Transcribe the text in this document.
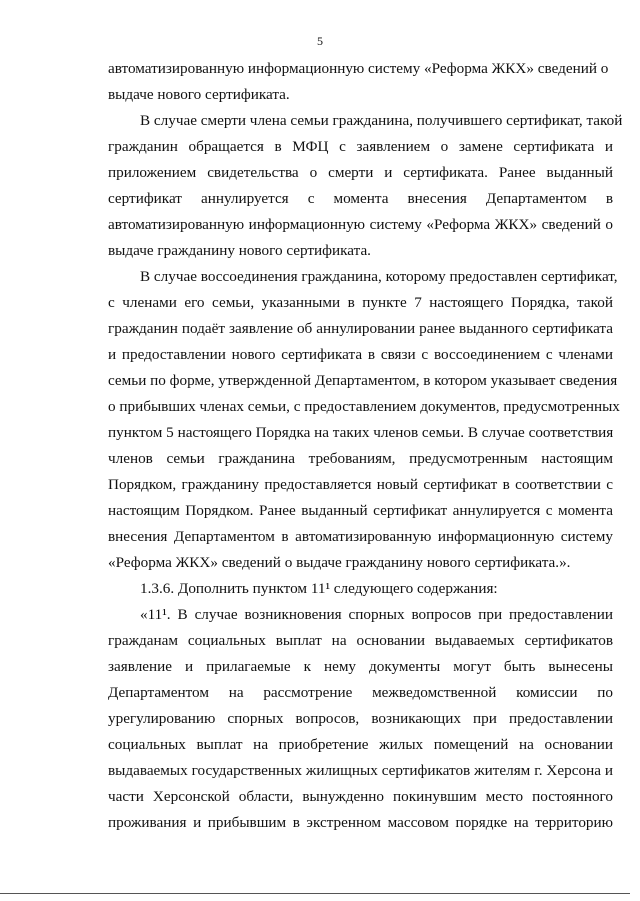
5
автоматизированную информационную систему «Реформа ЖКХ» сведений о
выдаче нового сертификата.
В случае смерти члена семьи гражданина, получившего сертификат, такой
гражданин обращается в МФЦ с заявлением о замене сертификата и
приложением свидетельства о смерти и сертификата. Ранее выданный
сертификат аннулируется с момента внесения Департаментом в
автоматизированную информационную систему «Реформа ЖКХ» сведений о
выдаче гражданину нового сертификата.
В случае воссоединения гражданина, которому предоставлен сертификат,
с членами его семьи, указанными в пункте 7 настоящего Порядка, такой
гражданин подаёт заявление об аннулировании ранее выданного сертификата
и предоставлении нового сертификата в связи с воссоединением с членами
семьи по форме, утвержденной Департаментом, в котором указывает сведения
о прибывших членах семьи, с предоставлением документов, предусмотренных
пунктом 5 настоящего Порядка на таких членов семьи. В случае соответствия
членов семьи гражданина требованиям, предусмотренным настоящим
Порядком, гражданину предоставляется новый сертификат в соответствии с
настоящим Порядком. Ранее выданный сертификат аннулируется с момента
внесения Департаментом в автоматизированную информационную систему
«Реформа ЖКХ» сведений о выдаче гражданину нового сертификата.».
1.3.6. Дополнить пунктом 11¹ следующего содержания:
«11¹. В случае возникновения спорных вопросов при предоставлении
гражданам социальных выплат на основании выдаваемых сертификатов
заявление и прилагаемые к нему документы могут быть вынесены
Департаментом на рассмотрение межведомственной комиссии по
урегулированию спорных вопросов, возникающих при предоставлении
социальных выплат на приобретение жилых помещений на основании
выдаваемых государственных жилищных сертификатов жителям г. Херсона и
части Херсонской области, вынужденно покинувшим место постоянного
проживания и прибывшим в экстренном массовом порядке на территорию
